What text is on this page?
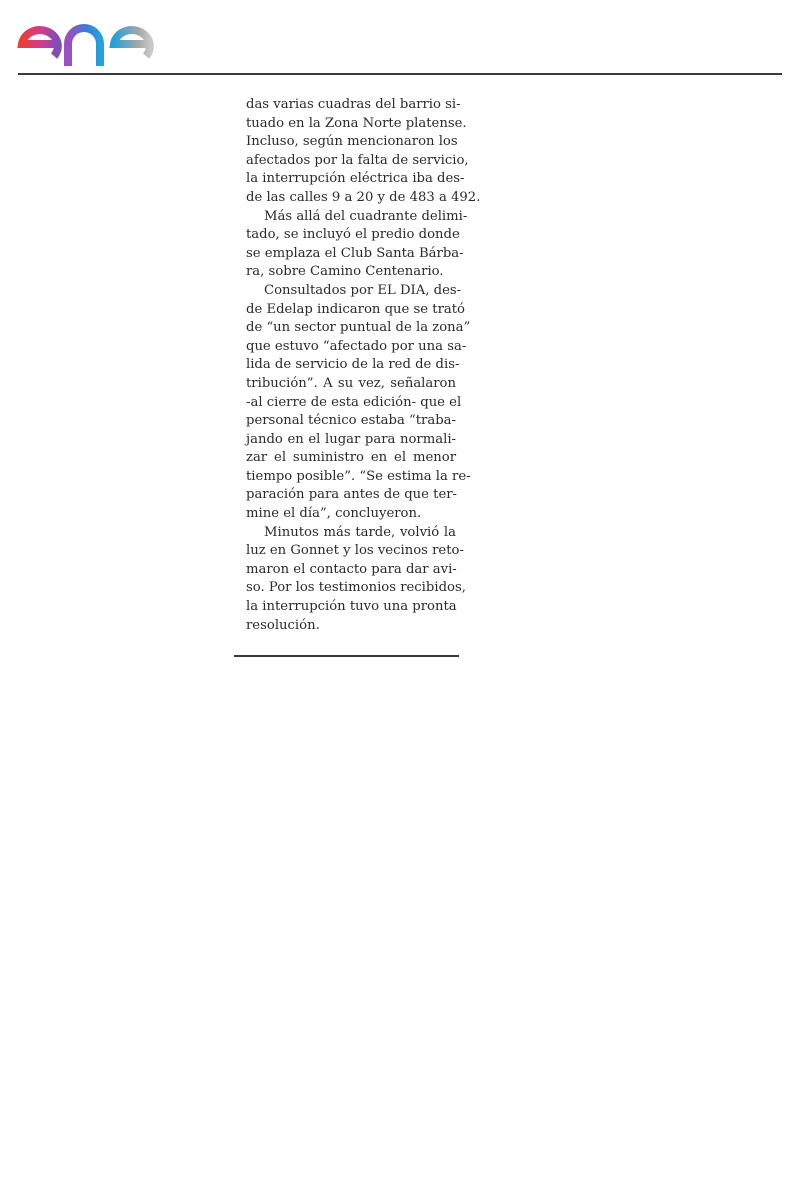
das varias cuadras del barrio si-
tuado en la Zona Norte platense.
Incluso, según mencionaron los
afectados por la falta de servicio,
la interrupción eléctrica iba des-
de las calles 9 a 20 y de 483 a 492.

Más allá del cuadrante delimi-
tado, se incluyó el predio donde
se emplaza el Club Santa Bárba-
ra, sobre Camino Centenario.

Consultados por EL DIA, des-
de Edelap indicaron que se trató
de “un sector puntual de la zona”
que estuvo “afectado por una sa-
lida de servicio de la red de dis-
tribución”. A su vez, señalaron
-al cierre de esta edición- que el
personal técnico estaba “traba-
jando en el lugar para normali-
zar el suministro en el menor
tiempo posible”. “Se estima la re-
paración para antes de que ter-
mine el día”, concluyeron.

Minutos más tarde, volvió la
luz en Gonnet y los vecinos reto-
maron el contacto para dar avi-
so. Por los testimonios recibidos,
la interrupción tuvo una pronta
resolución.
